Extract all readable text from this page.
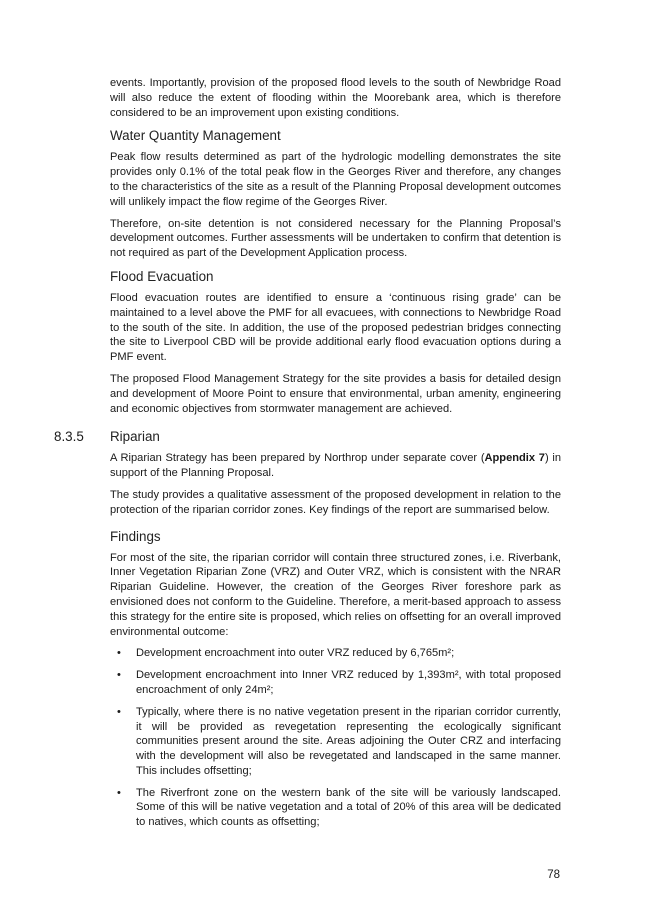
events. Importantly, provision of the proposed flood levels to the south of Newbridge Road will also reduce the extent of flooding within the Moorebank area, which is therefore considered to be an improvement upon existing conditions.

Water Quantity Management

Peak flow results determined as part of the hydrologic modelling demonstrates the site provides only 0.1% of the total peak flow in the Georges River and therefore, any changes to the characteristics of the site as a result of the Planning Proposal development outcomes will unlikely impact the flow regime of the Georges River.

Therefore, on-site detention is not considered necessary for the Planning Proposal’s development outcomes. Further assessments will be undertaken to confirm that detention is not required as part of the Development Application process.

Flood Evacuation

Flood evacuation routes are identified to ensure a ‘continuous rising grade’ can be maintained to a level above the PMF for all evacuees, with connections to Newbridge Road to the south of the site. In addition, the use of the proposed pedestrian bridges connecting the site to Liverpool CBD will be provide additional early flood evacuation options during a PMF event.

The proposed Flood Management Strategy for the site provides a basis for detailed design and development of Moore Point to ensure that environmental, urban amenity, engineering and economic objectives from stormwater management are achieved.

8.3.5 Riparian

A Riparian Strategy has been prepared by Northrop under separate cover (Appendix 7) in support of the Planning Proposal.

The study provides a qualitative assessment of the proposed development in relation to the protection of the riparian corridor zones. Key findings of the report are summarised below.

Findings

For most of the site, the riparian corridor will contain three structured zones, i.e. Riverbank, Inner Vegetation Riparian Zone (VRZ) and Outer VRZ, which is consistent with the NRAR Riparian Guideline. However, the creation of the Georges River foreshore park as envisioned does not conform to the Guideline. Therefore, a merit-based approach to assess this strategy for the entire site is proposed, which relies on offsetting for an overall improved environmental outcome:

• Development encroachment into outer VRZ reduced by 6,765m²;
• Development encroachment into Inner VRZ reduced by 1,393m², with total proposed encroachment of only 24m²;
• Typically, where there is no native vegetation present in the riparian corridor currently, it will be provided as revegetation representing the ecologically significant communities present around the site. Areas adjoining the Outer CRZ and interfacing with the development will also be revegetated and landscaped in the same manner. This includes offsetting;
• The Riverfront zone on the western bank of the site will be variously landscaped. Some of this will be native vegetation and a total of 20% of this area will be dedicated to natives, which counts as offsetting;
78
